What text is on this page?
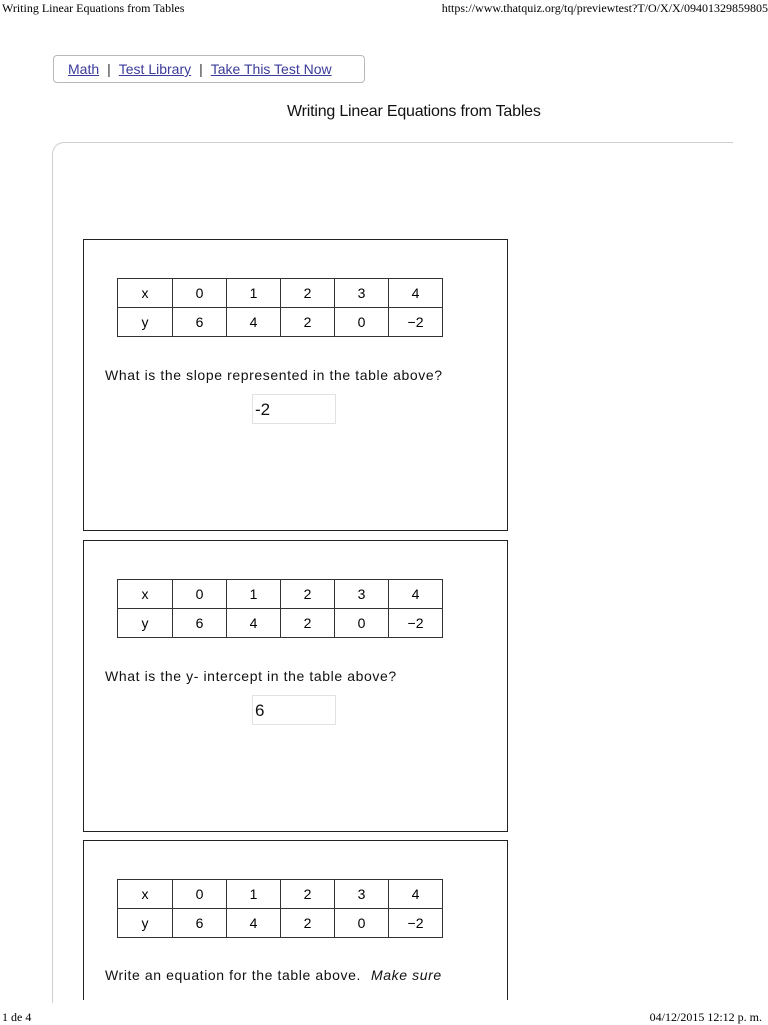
Writing Linear Equations from Tables	https://www.thatquiz.org/tq/previewtest?T/O/X/X/09401329859805
Math | Test Library | Take This Test Now
Writing Linear Equations from Tables
x	0	1	2	3	4
y	6	4	2	0	−2
What is the slope represented in the table above?
-2
x	0	1	2	3	4
y	6	4	2	0	−2
What is the y- intercept in the table above?
6
x	0	1	2	3	4
y	6	4	2	0	−2
Write an equation for the table above. Make sure
1 de 4	04/12/2015 12:12 p. m.
